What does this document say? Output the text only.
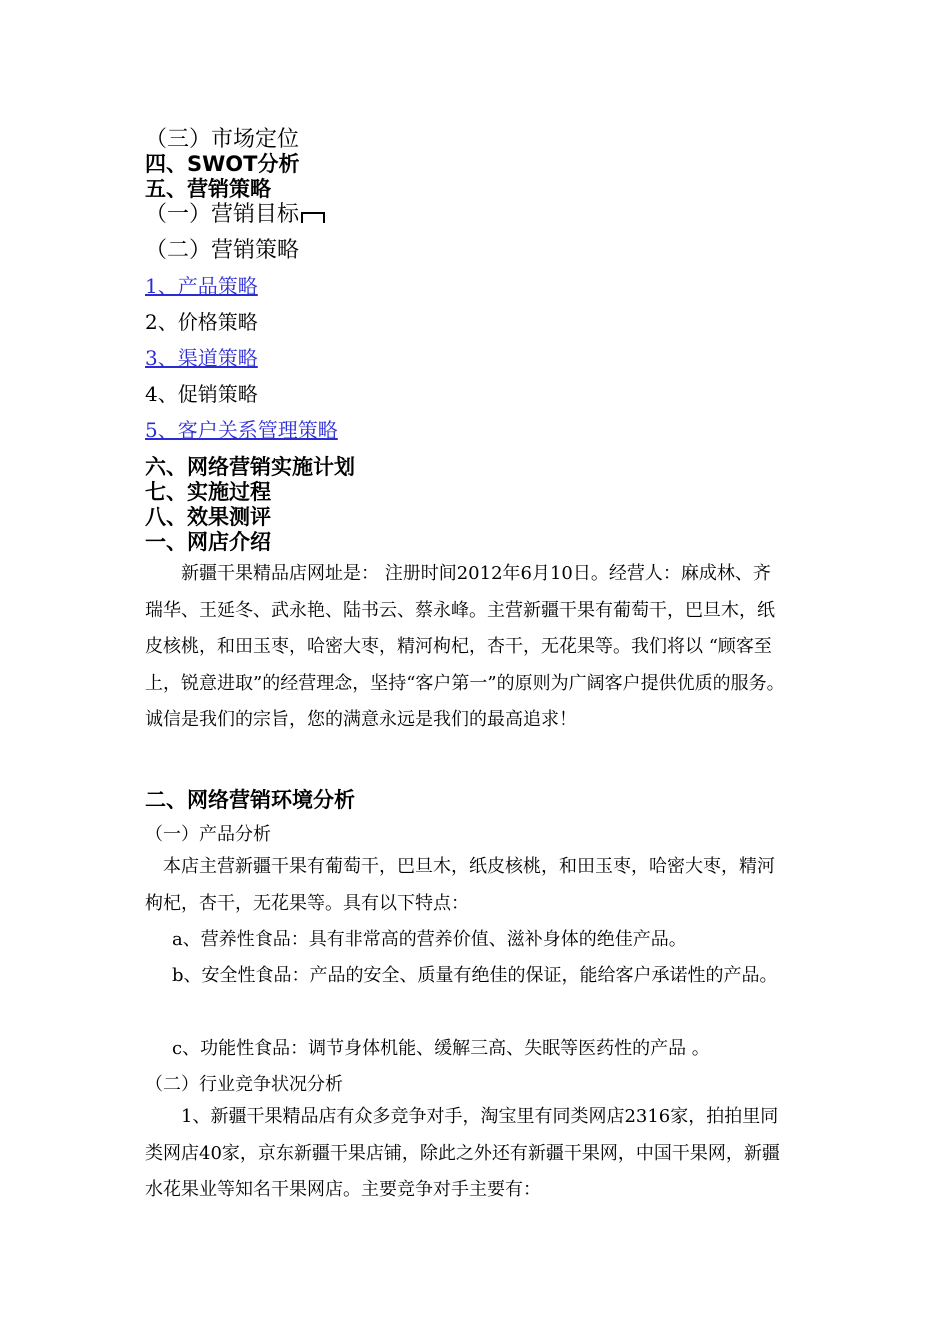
（三）市场定位
四、SWOT分析
五、营销策略
（一）营销目标
（二）营销策略
1、产品策略
2、价格策略
3、渠道策略
4、促销策略
5、客户关系管理策略
六、网络营销实施计划
七、实施过程
八、效果测评
一、网店介绍
新疆干果精品店网址是： 注册时间2012年6月10日。经营人：麻成林、齐瑞华、王延冬、武永艳、陆书云、蔡永峰。主营新疆干果有葡萄干，巴旦木，纸皮核桃，和田玉枣，哈密大枣，精河枸杞，杏干，无花果等。我们将以 “顾客至上，锐意进取”的经营理念，坚持“客户第一”的原则为广阔客户提供优质的服务。诚信是我们的宗旨，您的满意永远是我们的最高追求！
二、网络营销环境分析
（一）产品分析
本店主营新疆干果有葡萄干，巴旦木，纸皮核桃，和田玉枣，哈密大枣，精河枸杞，杏干，无花果等。具有以下特点：
a、营养性食品：具有非常高的营养价值、滋补身体的绝佳产品。
b、安全性食品：产品的安全、质量有绝佳的保证，能给客户承诺性的产品。
c、功能性食品：调节身体机能、缓解三高、失眠等医药性的产品 。
（二）行业竞争状况分析
1、新疆干果精品店有众多竞争对手，淘宝里有同类网店2316家，拍拍里同类网店40家，京东新疆干果店铺，除此之外还有新疆干果网，中国干果网，新疆水花果业等知名干果网店。主要竞争对手主要有：
